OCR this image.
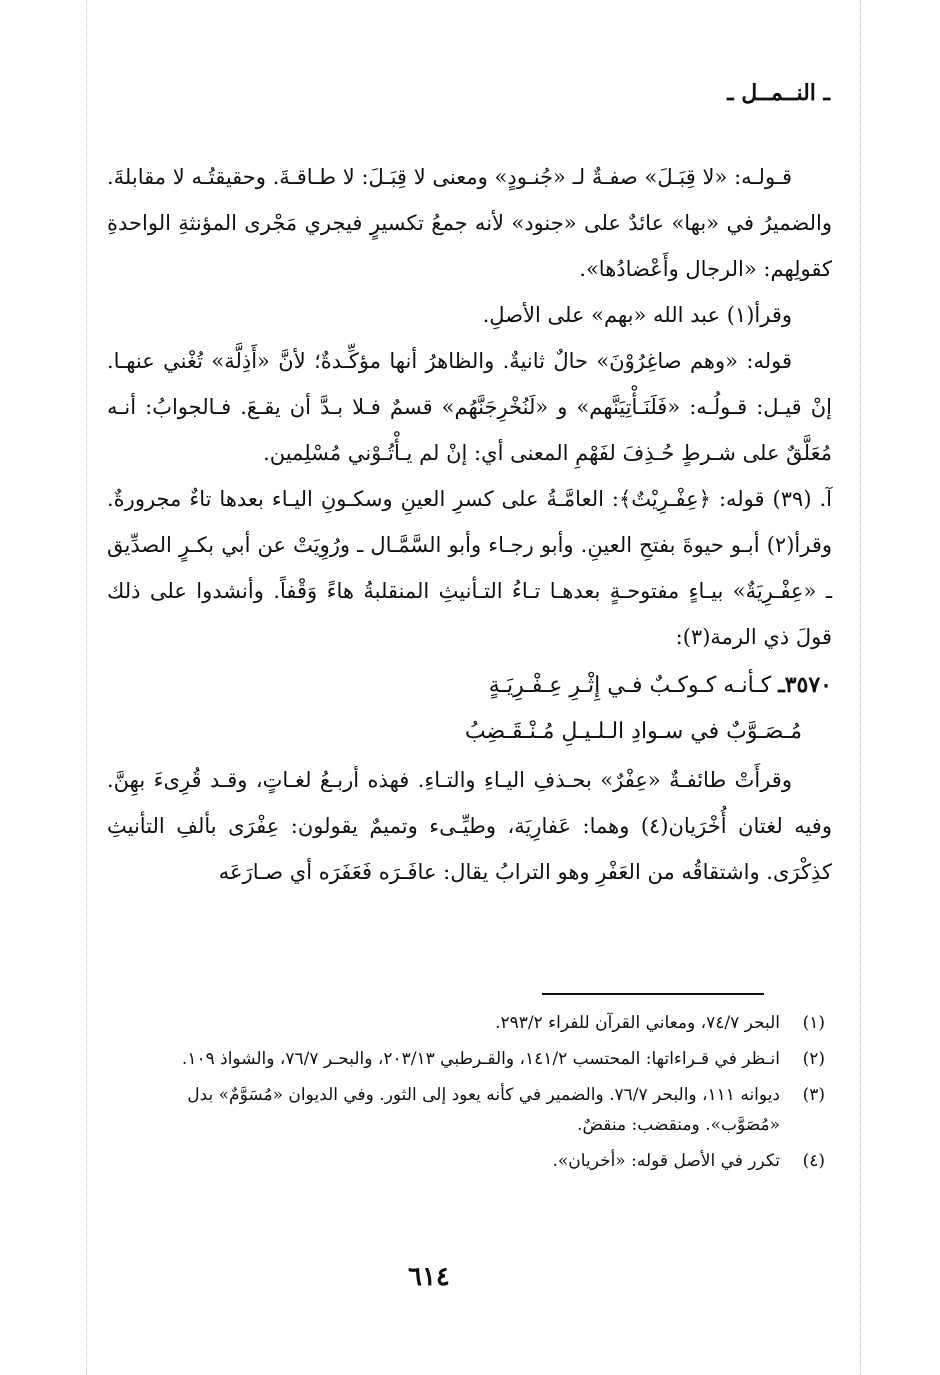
ـ النــمــل ـ

قـولـه: «لا قِبَـلَ» صفـةٌ لـ «جُنـودٍ» ومعنى لا قِبَـلَ: لا طـاقـةَ. وحقيقتُـه لا مقابلةَ. والضميرُ في «بها» عائدٌ على «جنود» لأنه جمعُ تكسيرٍ فيجري مَجْرى المؤنثةِ الواحدةِ كقولِهم: «الرجال وأَعْضادُها».

وقرأ(١) عبد الله «بهم» على الأصلِ.

قوله: «وهم صاغِرُوْنَ» حالٌ ثانيةٌ. والظاهرُ أنها مؤكِّـدةٌ؛ لأنَّ «أَذِلَّة» تُغْني عنهـا. إنْ قيـل: قـولُـه: «فَلَنَـأْتِيَنَّهم» و «لَنُخْرِجَنَّهُم» قسمٌ فـلا بـدَّ أن يقـعَ. فـالجوابُ: أنـه مُعَلَّقٌ على شـرطٍ حُـذِفَ لفَهْمِ المعنى أي: إنْ لم يـأْتُـوْني مُسْلِمين.

آ. (٣٩) قوله: ﴿عِفْـرِيْتٌ﴾: العامَّـةُ على كسرِ العينِ وسكـونِ اليـاء بعدها تاءٌ مجرورةٌ. وقرأ(٢) أبـو حيوةَ بفتحِ العينِ. وأبو رجـاء وأبو السَّمَّـال ـ ورُوِيَتْ عن أبي بكـرٍ الصدِّيق ـ «عِفْـرِيَةٌ» بيـاءٍ مفتوحـةٍ بعدهـا تـاءُ التـأنيثِ المنقلبةُ هاءً وَقْفاً. وأنشدوا على ذلك قولَ ذي الرمة(٣):

٣٥٧٠ـ كـأنـه كـوكـبٌ فـي إِثْـرِ عِـفْـرِيَـةٍ
مُـصَـوَّبٌ في سـوادِ الـلـيـلِ مُـنْـقَـضِبُ

وقرأَتْ طائفـةٌ «عِفْرٌ» بحـذفِ اليـاءِ والتـاءِ. فهذه أربـعُ لغـاتٍ، وقـد قُرِىءَ بهِنَّ. وفيه لغتان أُخْرَيان(٤) وهما: عَفارِيَة، وطيِّـىء وتميمٌ يقولون: عِفْرَى بألفِ التأنيثِ كذِكْرَى. واشتقاقُه من العَفْرِ وهو الترابُ يقال: عافَـرَه فَعَفَرَه أي صـارَعَه

(١)
البحر ٧٤/٧، ومعاني القرآن للفراء ٢٩٣/٢.
(٢)
انـظر في قـراءاتها: المحتسب ١٤١/٢، والقـرطبي ٢٠٣/١٣، والبحـر ٧٦/٧، والشواذ ١٠٩.
(٣)
ديوانه ١١١، والبحر ٧٦/٧. والضمير في كأنه يعود إلى الثور. وفي الديوان «مُسَوَّمٌ» بدل «مُصَوَّب». ومنقضب: منقضٌ.
(٤)
تكرر في الأصل قوله: «أخريان».
٦١٤
